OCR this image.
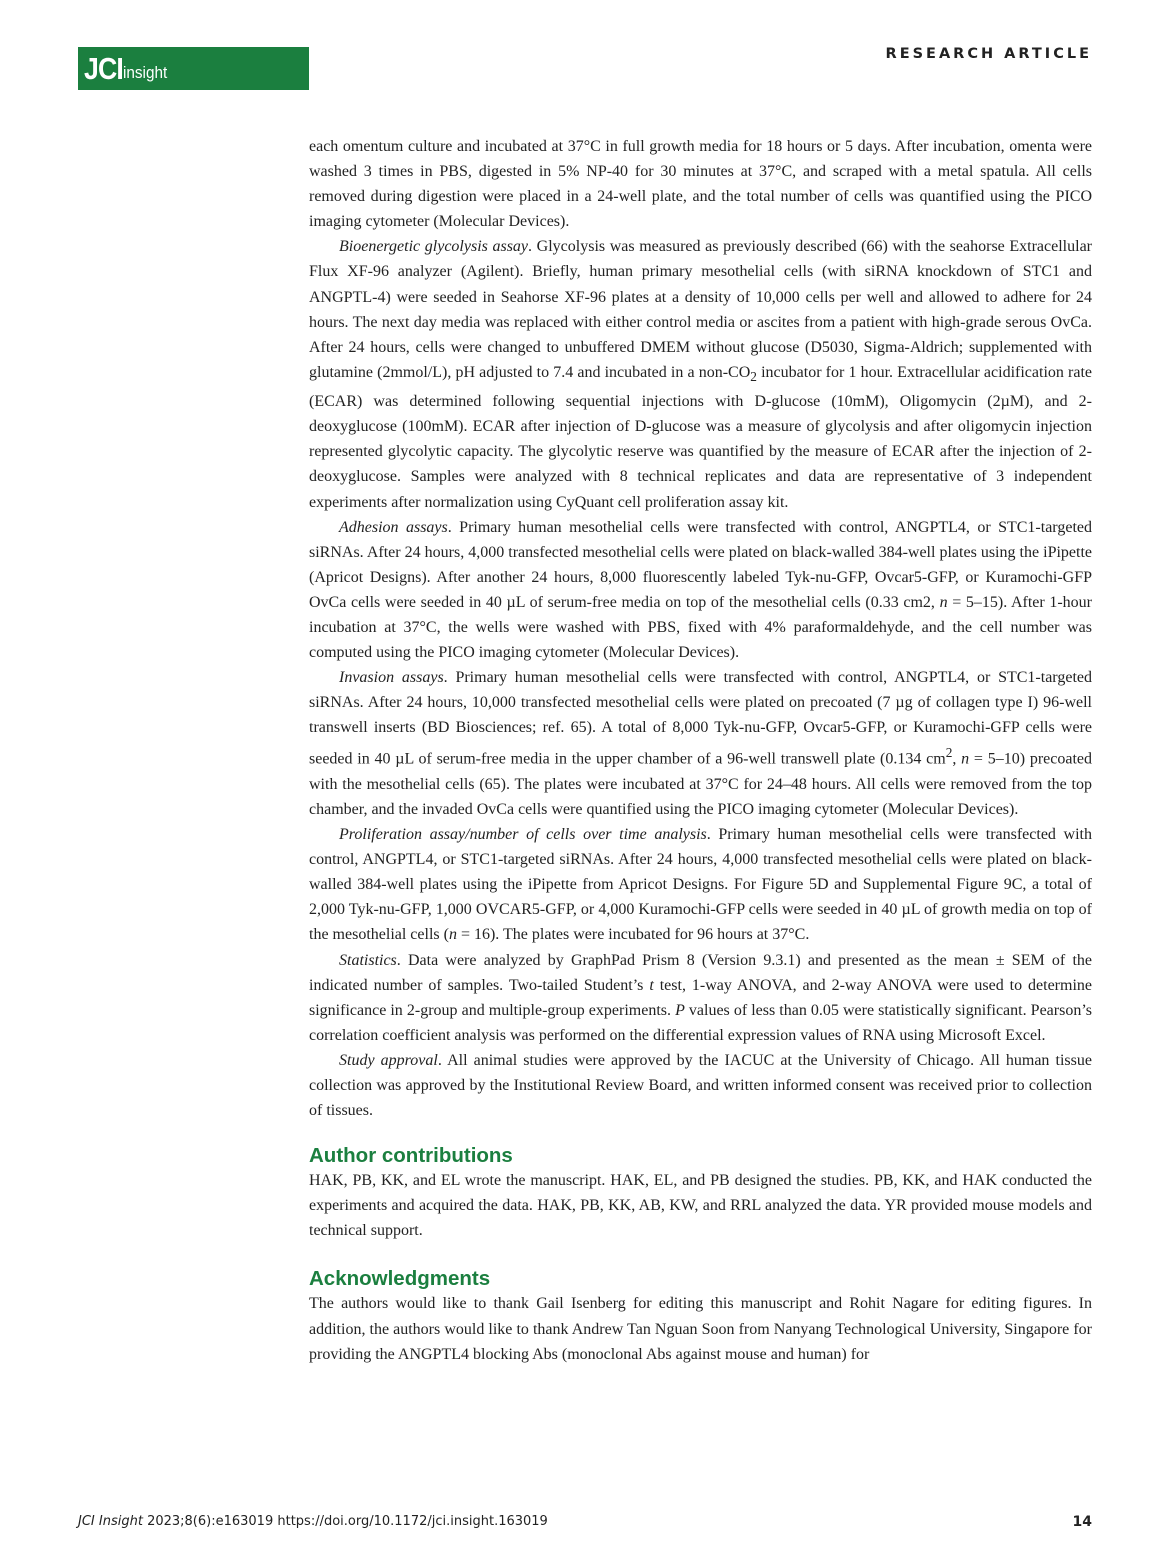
JCI insight
RESEARCH ARTICLE

each omentum culture and incubated at 37°C in full growth media for 18 hours or 5 days. After incubation, omenta were washed 3 times in PBS, digested in 5% NP-40 for 30 minutes at 37°C, and scraped with a metal spatula. All cells removed during digestion were placed in a 24-well plate, and the total number of cells was quantified using the PICO imaging cytometer (Molecular Devices).

Bioenergetic glycolysis assay. Glycolysis was measured as previously described (66) with the seahorse Extracellular Flux XF-96 analyzer (Agilent). Briefly, human primary mesothelial cells (with siRNA knockdown of STC1 and ANGPTL-4) were seeded in Seahorse XF-96 plates at a density of 10,000 cells per well and allowed to adhere for 24 hours. The next day media was replaced with either control media or ascites from a patient with high-grade serous OvCa. After 24 hours, cells were changed to unbuffered DMEM without glucose (D5030, Sigma-Aldrich; supplemented with glutamine (2mmol/L), pH adjusted to 7.4 and incubated in a non-$CO_2$ incubator for 1 hour. Extracellular acidification rate (ECAR) was determined following sequential injections with D-glucose (10mM), Oligomycin (2µM), and 2-deoxyglucose (100mM). ECAR after injection of D-glucose was a measure of glycolysis and after oligomycin injection represented glycolytic capacity. The glycolytic reserve was quantified by the measure of ECAR after the injection of 2-deoxyglucose. Samples were analyzed with 8 technical replicates and data are representative of 3 independent experiments after normalization using CyQuant cell proliferation assay kit.

Adhesion assays. Primary human mesothelial cells were transfected with control, ANGPTL4, or STC1-targeted siRNAs. After 24 hours, 4,000 transfected mesothelial cells were plated on black-walled 384-well plates using the iPipette (Apricot Designs). After another 24 hours, 8,000 fluorescently labeled Tyk-nu-GFP, Ovcar5-GFP, or Kuramochi-GFP OvCa cells were seeded in 40 µL of serum-free media on top of the mesothelial cells (0.33 cm2, n = 5–15). After 1-hour incubation at 37°C, the wells were washed with PBS, fixed with 4% paraformaldehyde, and the cell number was computed using the PICO imaging cytometer (Molecular Devices).

Invasion assays. Primary human mesothelial cells were transfected with control, ANGPTL4, or STC1-targeted siRNAs. After 24 hours, 10,000 transfected mesothelial cells were plated on precoated (7 µg of collagen type I) 96-well transwell inserts (BD Biosciences; ref. 65). A total of 8,000 Tyk-nu-GFP, Ovcar5-GFP, or Kuramochi-GFP cells were seeded in 40 µL of serum-free media in the upper chamber of a 96-well transwell plate (0.134 $cm^2$, n = 5–10) precoated with the mesothelial cells (65). The plates were incubated at 37°C for 24–48 hours. All cells were removed from the top chamber, and the invaded OvCa cells were quantified using the PICO imaging cytometer (Molecular Devices).

Proliferation assay/number of cells over time analysis. Primary human mesothelial cells were transfected with control, ANGPTL4, or STC1-targeted siRNAs. After 24 hours, 4,000 transfected mesothelial cells were plated on black-walled 384-well plates using the iPipette from Apricot Designs. For Figure 5D and Supplemental Figure 9C, a total of 2,000 Tyk-nu-GFP, 1,000 OVCAR5-GFP, or 4,000 Kuramochi-GFP cells were seeded in 40 µL of growth media on top of the mesothelial cells (n = 16). The plates were incubated for 96 hours at 37°C.

Statistics. Data were analyzed by GraphPad Prism 8 (Version 9.3.1) and presented as the mean ± SEM of the indicated number of samples. Two-tailed Student’s t test, 1-way ANOVA, and 2-way ANOVA were used to determine significance in 2-group and multiple-group experiments. P values of less than 0.05 were statistically significant. Pearson’s correlation coefficient analysis was performed on the differential expression values of RNA using Microsoft Excel.

Study approval. All animal studies were approved by the IACUC at the University of Chicago. All human tissue collection was approved by the Institutional Review Board, and written informed consent was received prior to collection of tissues.

Author contributions

HAK, PB, KK, and EL wrote the manuscript. HAK, EL, and PB designed the studies. PB, KK, and HAK conducted the experiments and acquired the data. HAK, PB, KK, AB, KW, and RRL analyzed the data. YR provided mouse models and technical support.

Acknowledgments

The authors would like to thank Gail Isenberg for editing this manuscript and Rohit Nagare for editing figures. In addition, the authors would like to thank Andrew Tan Nguan Soon from Nanyang Technological University, Singapore for providing the ANGPTL4 blocking Abs (monoclonal Abs against mouse and human) for

JCI Insight 2023;8(6):e163019 https://doi.org/10.1172/jci.insight.163019	14
